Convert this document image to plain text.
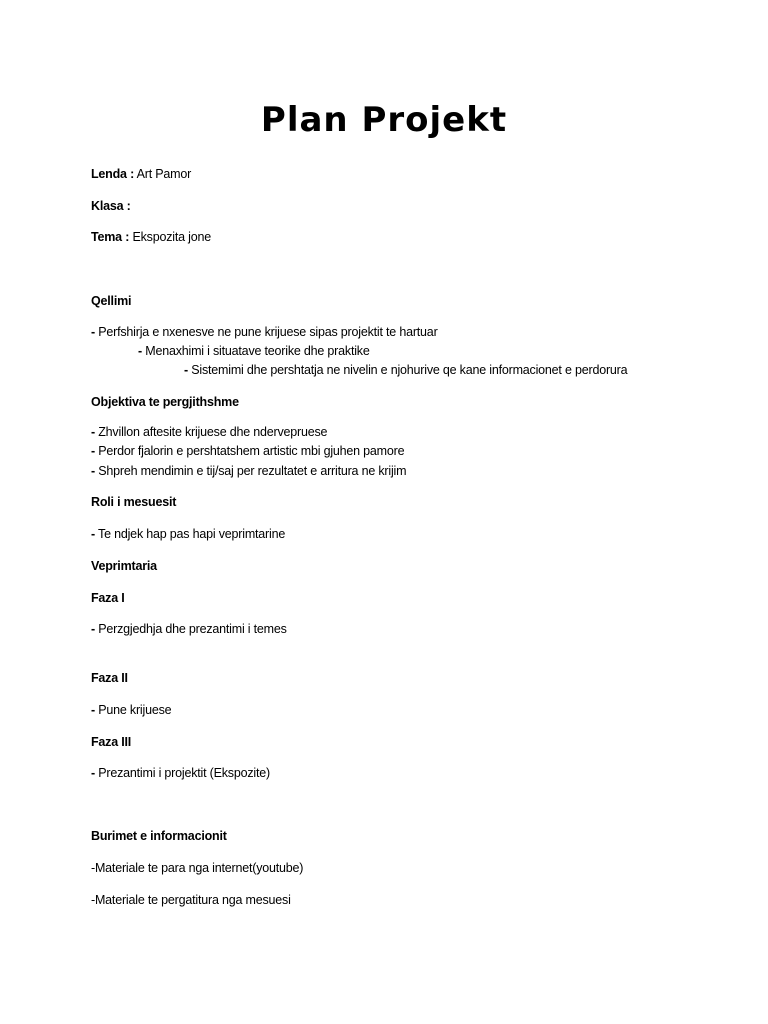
Plan Projekt
Lenda : Art Pamor
Klasa :
Tema : Ekspozita jone
Qellimi
- Perfshirja e nxenesve ne pune krijuese sipas projektit te hartuar
- Menaxhimi i situatave teorike dhe praktike
- Sistemimi dhe pershtatja ne nivelin e njohurive qe kane informacionet e perdorura
Objektiva te pergjithshme
- Zhvillon aftesite krijuese dhe ndervepruese
- Perdor fjalorin e pershtatshem artistic mbi gjuhen pamore
- Shpreh mendimin e tij/saj per rezultatet e arritura ne krijim
Roli i mesuesit
- Te ndjek hap pas hapi veprimtarine
Veprimtaria
Faza I
- Perzgjedhja dhe prezantimi i temes
Faza II
- Pune krijuese
Faza III
- Prezantimi i projektit (Ekspozite)
Burimet e informacionit
-Materiale te para nga internet(youtube)
-Materiale te pergatitura nga mesuesi
